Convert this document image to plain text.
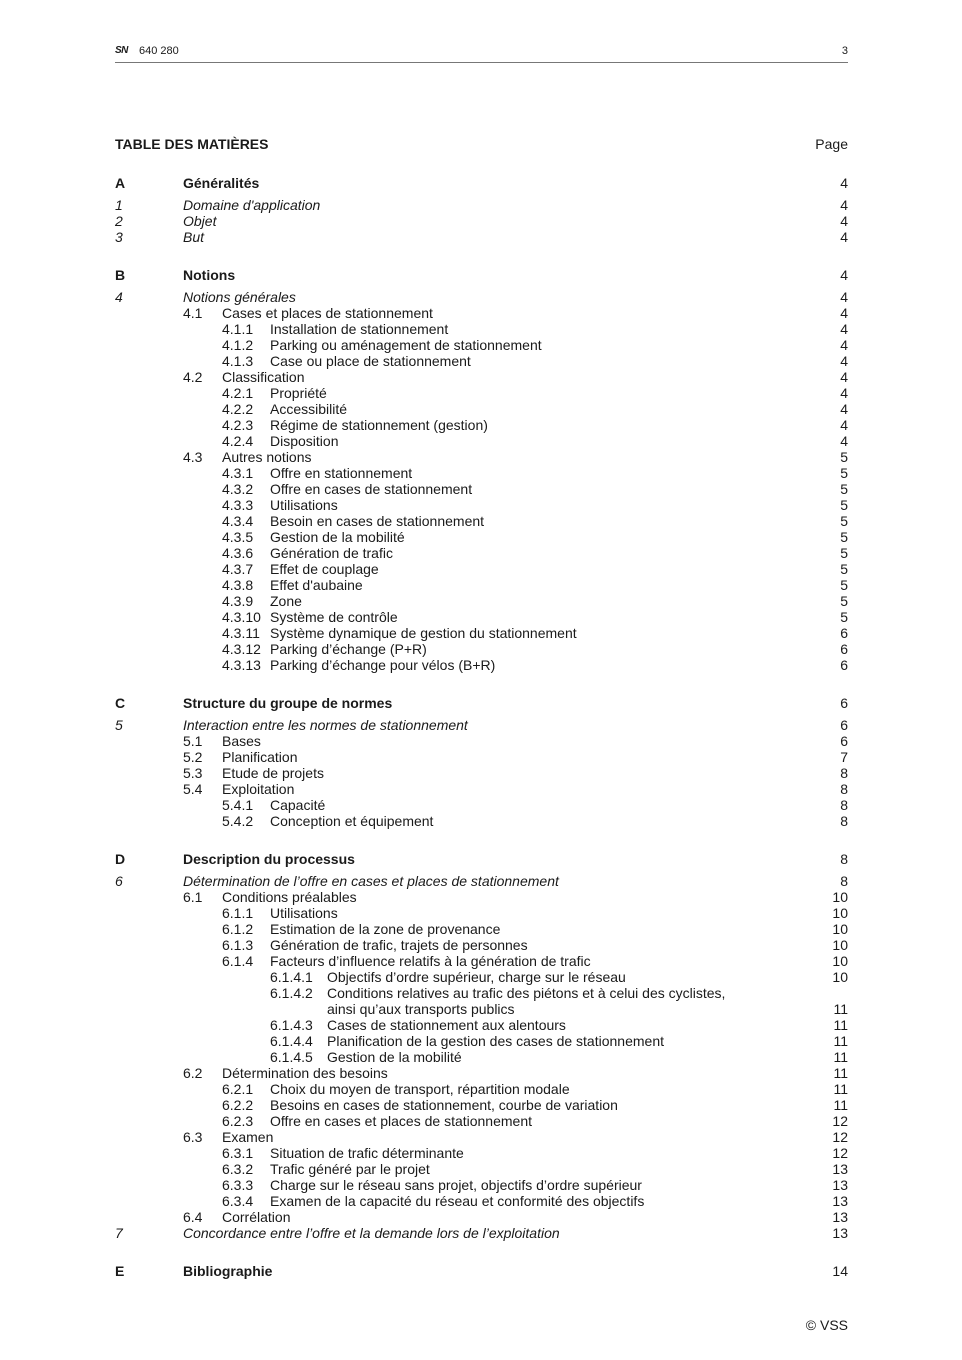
SN 640 280	3
TABLE DES MATIÈRES	Page
A	Généralités	4
1	Domaine d'application	4
2	Objet	4
3	But	4
B	Notions	4
4	Notions générales	4
4.1 Cases et places de stationnement	4
4.1.1 Installation de stationnement	4
4.1.2 Parking ou aménagement de stationnement	4
4.1.3 Case ou place de stationnement	4
4.2 Classification	4
4.2.1 Propriété	4
4.2.2 Accessibilité	4
4.2.3 Régime de stationnement (gestion)	4
4.2.4 Disposition	4
4.3 Autres notions	5
4.3.1 Offre en stationnement	5
4.3.2 Offre en cases de stationnement	5
4.3.3 Utilisations	5
4.3.4 Besoin en cases de stationnement	5
4.3.5 Gestion de la mobilité	5
4.3.6 Génération de trafic	5
4.3.7 Effet de couplage	5
4.3.8 Effet d'aubaine	5
4.3.9 Zone	5
4.3.10 Système de contrôle	5
4.3.11 Système dynamique de gestion du stationnement	6
4.3.12 Parking d’échange (P+R)	6
4.3.13 Parking d’échange pour vélos (B+R)	6
C	Structure du groupe de normes	6
5	Interaction entre les normes de stationnement	6
5.1 Bases	6
5.2 Planification	7
5.3 Etude de projets	8
5.4 Exploitation	8
5.4.1 Capacité	8
5.4.2 Conception et équipement	8
D	Description du processus	8
6	Détermination de l’offre en cases et places de stationnement	8
6.1 Conditions préalables	10
6.1.1 Utilisations	10
6.1.2 Estimation de la zone de provenance	10
6.1.3 Génération de trafic, trajets de personnes	10
6.1.4 Facteurs d’influence relatifs à la génération de trafic	10
6.1.4.1 Objectifs d’ordre supérieur, charge sur le réseau	10
6.1.4.2 Conditions relatives au trafic des piétons et à celui des cyclistes,
ainsi qu’aux transports publics	11
6.1.4.3 Cases de stationnement aux alentours	11
6.1.4.4 Planification de la gestion des cases de stationnement	11
6.1.4.5 Gestion de la mobilité	11
6.2 Détermination des besoins	11
6.2.1 Choix du moyen de transport, répartition modale	11
6.2.2 Besoins en cases de stationnement, courbe de variation	11
6.2.3 Offre en cases et places de stationnement	12
6.3 Examen	12
6.3.1 Situation de trafic déterminante	12
6.3.2 Trafic généré par le projet	13
6.3.3 Charge sur le réseau sans projet, objectifs d’ordre supérieur	13
6.3.4 Examen de la capacité du réseau et conformité des objectifs	13
6.4 Corrélation	13
7	Concordance entre l’offre et la demande lors de l’exploitation	13
E	Bibliographie	14
© VSS
